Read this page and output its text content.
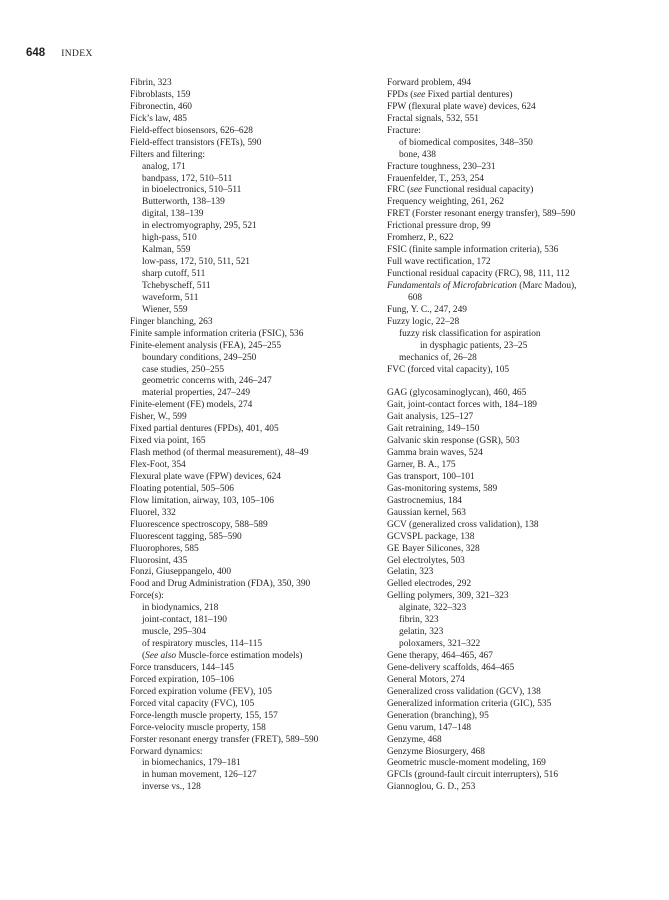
648 INDEX
Fibrin, 323
Fibroblasts, 159
Fibronectin, 460
Fick’s law, 485
Field-effect biosensors, 626–628
Field-effect transistors (FETs), 590
Filters and filtering:
analog, 171
bandpass, 172, 510–511
in bioelectronics, 510–511
Butterworth, 138–139
digital, 138–139
in electromyography, 295, 521
high-pass, 510
Kalman, 559
low-pass, 172, 510, 511, 521
sharp cutoff, 511
Tchebyscheff, 511
waveform, 511
Wiener, 559
Finger blanching, 263
Finite sample information criteria (FSIC), 536
Finite-element analysis (FEA), 245–255
boundary conditions, 249–250
case studies, 250–255
geometric concerns with, 246–247
material properties, 247–249
Finite-element (FE) models, 274
Fisher, W., 599
Fixed partial dentures (FPDs), 401, 405
Fixed via point, 165
Flash method (of thermal measurement), 48–49
Flex-Foot, 354
Flexural plate wave (FPW) devices, 624
Floating potential, 505–506
Flow limitation, airway, 103, 105–106
Fluorel, 332
Fluorescence spectroscopy, 588–589
Fluorescent tagging, 585–590
Fluorophores, 585
Fluorosint, 435
Fonzi, Giuseppangelo, 400
Food and Drug Administration (FDA), 350, 390
Force(s):
in biodynamics, 218
joint-contact, 181–190
muscle, 295–304
of respiratory muscles, 114–115
(See also Muscle-force estimation models)
Force transducers, 144–145
Forced expiration, 105–106
Forced expiration volume (FEV), 105
Forced vital capacity (FVC), 105
Force-length muscle property, 155, 157
Force-velocity muscle property, 158
Forster resonant energy transfer (FRET), 589–590
Forward dynamics:
in biomechanics, 179–181
in human movement, 126–127
inverse vs., 128
Forward problem, 494
FPDs (see Fixed partial dentures)
FPW (flexural plate wave) devices, 624
Fractal signals, 532, 551
Fracture:
of biomedical composites, 348–350
bone, 438
Fracture toughness, 230–231
Frauenfelder, T., 253, 254
FRC (see Functional residual capacity)
Frequency weighting, 261, 262
FRET (Forster resonant energy transfer), 589–590
Frictional pressure drop, 99
Fromherz, P., 622
FSIC (finite sample information criteria), 536
Full wave rectification, 172
Functional residual capacity (FRC), 98, 111, 112
Fundamentals of Microfabrication (Marc Madou),
608
Fung, Y. C., 247, 249
Fuzzy logic, 22–28
fuzzy risk classification for aspiration
in dysphagic patients, 23–25
mechanics of, 26–28
FVC (forced vital capacity), 105
GAG (glycosaminoglycan), 460, 465
Gait, joint-contact forces with, 184–189
Gait analysis, 125–127
Gait retraining, 149–150
Galvanic skin response (GSR), 503
Gamma brain waves, 524
Garner, B. A., 175
Gas transport, 100–101
Gas-monitoring systems, 589
Gastrocnemius, 184
Gaussian kernel, 563
GCV (generalized cross validation), 138
GCVSPL package, 138
GE Bayer Silicones, 328
Gel electrolytes, 503
Gelatin, 323
Gelled electrodes, 292
Gelling polymers, 309, 321–323
alginate, 322–323
fibrin, 323
gelatin, 323
poloxamers, 321–322
Gene therapy, 464–465, 467
Gene-delivery scaffolds, 464–465
General Motors, 274
Generalized cross validation (GCV), 138
Generalized information criteria (GIC), 535
Generation (branching), 95
Genu varum, 147–148
Genzyme, 468
Genzyme Biosurgery, 468
Geometric muscle-moment modeling, 169
GFCIs (ground-fault circuit interrupters), 516
Giannoglou, G. D., 253
